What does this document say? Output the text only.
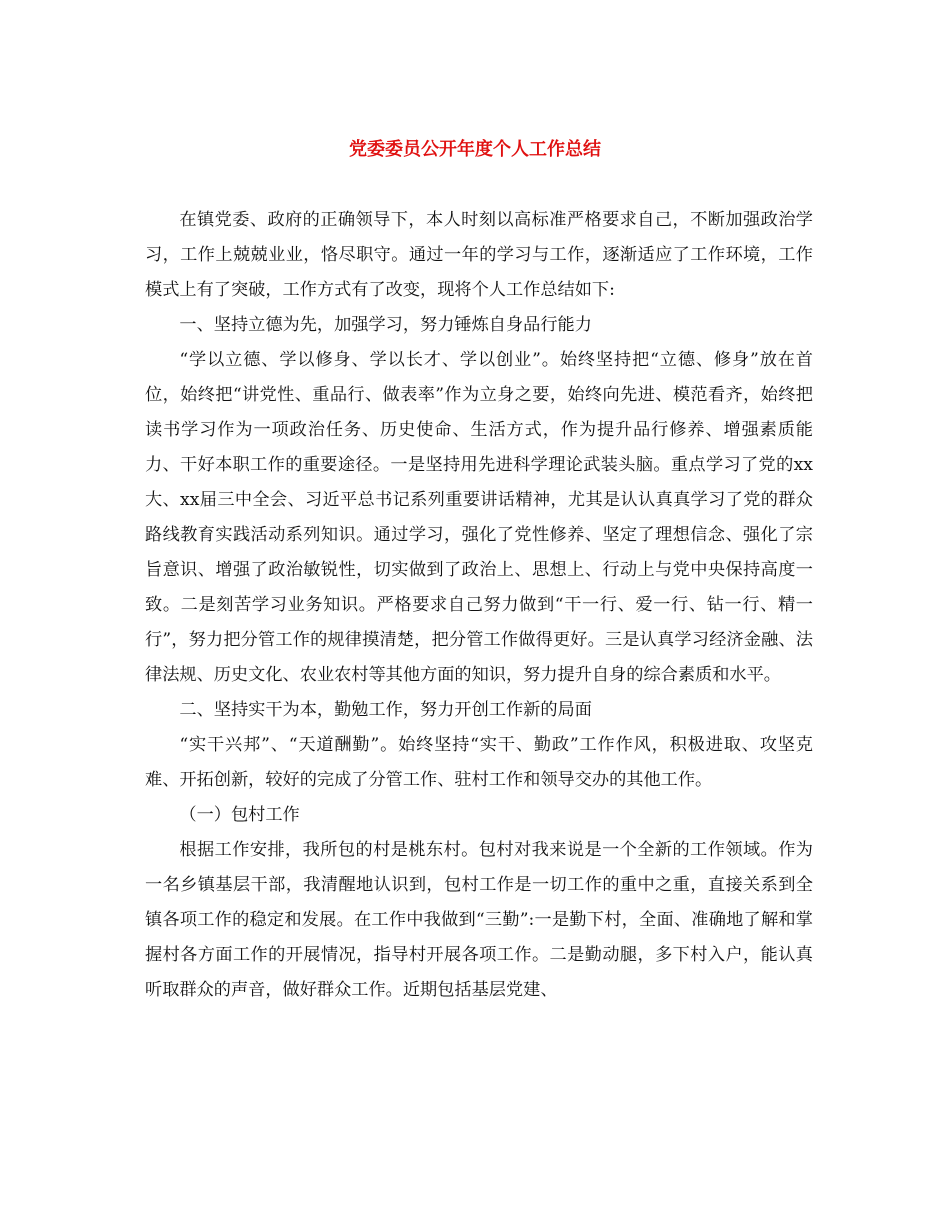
党委委员公开年度个人工作总结

在镇党委、政府的正确领导下，本人时刻以高标准严格要求自己，不断加强政治学习，工作上兢兢业业，恪尽职守。通过一年的学习与工作，逐渐适应了工作环境，工作模式上有了突破，工作方式有了改变，现将个人工作总结如下:

一、坚持立德为先，加强学习，努力锤炼自身品行能力

“学以立德、学以修身、学以长才、学以创业”。始终坚持把“立德、修身”放在首位，始终把“讲党性、重品行、做表率”作为立身之要，始终向先进、模范看齐，始终把读书学习作为一项政治任务、历史使命、生活方式，作为提升品行修养、增强素质能力、干好本职工作的重要途径。一是坚持用先进科学理论武装头脑。重点学习了党的xx大、xx届三中全会、习近平总书记系列重要讲话精神，尤其是认认真真学习了党的群众路线教育实践活动系列知识。通过学习，强化了党性修养、坚定了理想信念、强化了宗旨意识、增强了政治敏锐性，切实做到了政治上、思想上、行动上与党中央保持高度一致。二是刻苦学习业务知识。严格要求自己努力做到“干一行、爱一行、钻一行、精一行”，努力把分管工作的规律摸清楚，把分管工作做得更好。三是认真学习经济金融、法律法规、历史文化、农业农村等其他方面的知识，努力提升自身的综合素质和水平。

二、坚持实干为本，勤勉工作，努力开创工作新的局面

“实干兴邦”、“天道酬勤”。始终坚持“实干、勤政”工作作风，积极进取、攻坚克难、开拓创新，较好的完成了分管工作、驻村工作和领导交办的其他工作。

（一）包村工作

根据工作安排，我所包的村是桃东村。包村对我来说是一个全新的工作领域。作为一名乡镇基层干部，我清醒地认识到，包村工作是一切工作的重中之重，直接关系到全镇各项工作的稳定和发展。在工作中我做到“三勤”:一是勤下村，全面、准确地了解和掌握村各方面工作的开展情况，指导村开展各项工作。二是勤动腿，多下村入户，能认真听取群众的声音，做好群众工作。近期包括基层党建、
